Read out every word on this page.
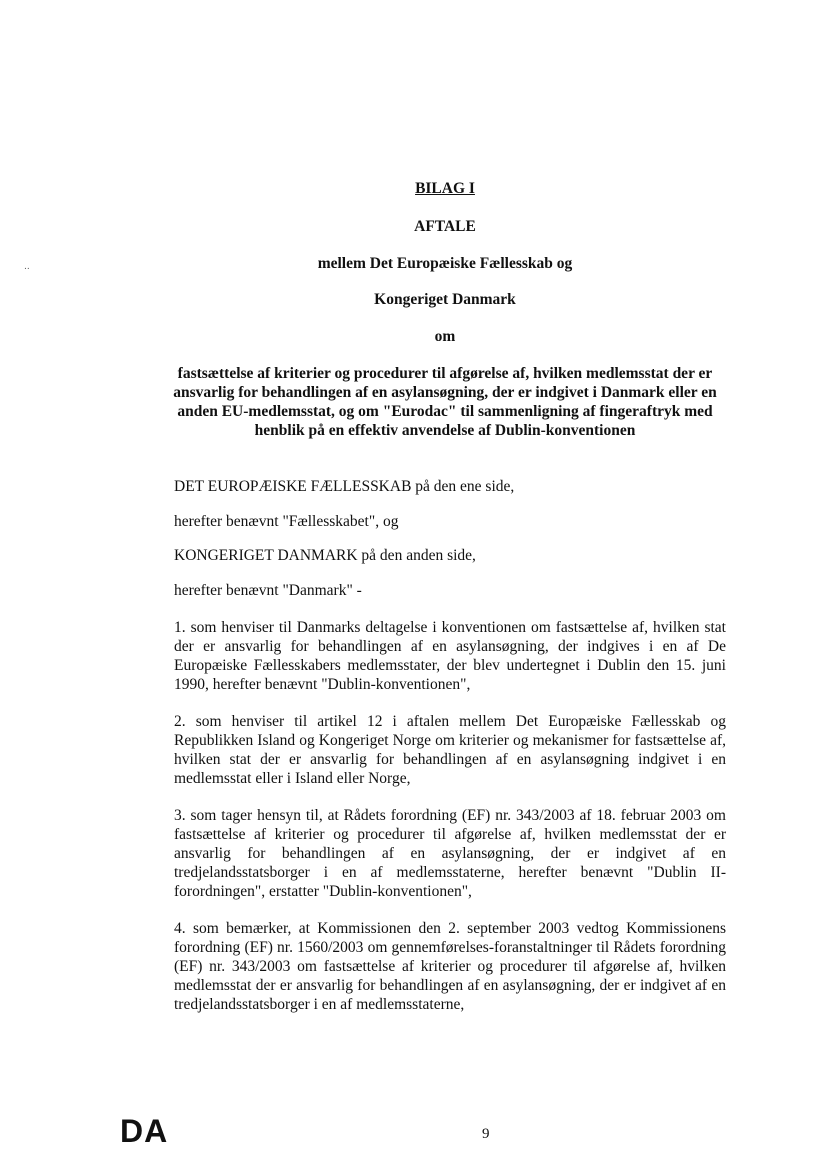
..
BILAG I
AFTALE
mellem Det Europæiske Fællesskab og
Kongeriget Danmark
om
fastsættelse af kriterier og procedurer til afgørelse af, hvilken medlemsstat der er ansvarlig for behandlingen af en asylansøgning, der er indgivet i Danmark eller en anden EU-medlemsstat, og om "Eurodac" til sammenligning af fingeraftryk med henblik på en effektiv anvendelse af Dublin-konventionen
DET EUROPÆISKE FÆLLESSKAB på den ene side,
herefter benævnt "Fællesskabet", og
KONGERIGET DANMARK på den anden side,
herefter benævnt "Danmark" -
1. som henviser til Danmarks deltagelse i konventionen om fastsættelse af, hvilken stat der er ansvarlig for behandlingen af en asylansøgning, der indgives i en af De Europæiske Fællesskabers medlemsstater, der blev undertegnet i Dublin den 15. juni 1990, herefter benævnt "Dublin-konventionen",
2. som henviser til artikel 12 i aftalen mellem Det Europæiske Fællesskab og Republikken Island og Kongeriget Norge om kriterier og mekanismer for fastsættelse af, hvilken stat der er ansvarlig for behandlingen af en asylansøgning indgivet i en medlemsstat eller i Island eller Norge,
3. som tager hensyn til, at Rådets forordning (EF) nr. 343/2003 af 18. februar 2003 om fastsættelse af kriterier og procedurer til afgørelse af, hvilken medlemsstat der er ansvarlig for behandlingen af en asylansøgning, der er indgivet af en tredjelandsstatsborger i en af medlemsstaterne, herefter benævnt "Dublin II-forordningen", erstatter "Dublin-konventionen",
4. som bemærker, at Kommissionen den 2. september 2003 vedtog Kommissionens forordning (EF) nr. 1560/2003 om gennemførelses-foranstaltninger til Rådets forordning (EF) nr. 343/2003 om fastsættelse af kriterier og procedurer til afgørelse af, hvilken medlemsstat der er ansvarlig for behandlingen af en asylansøgning, der er indgivet af en tredjelandsstatsborger i en af medlemsstaterne,
DA	9
